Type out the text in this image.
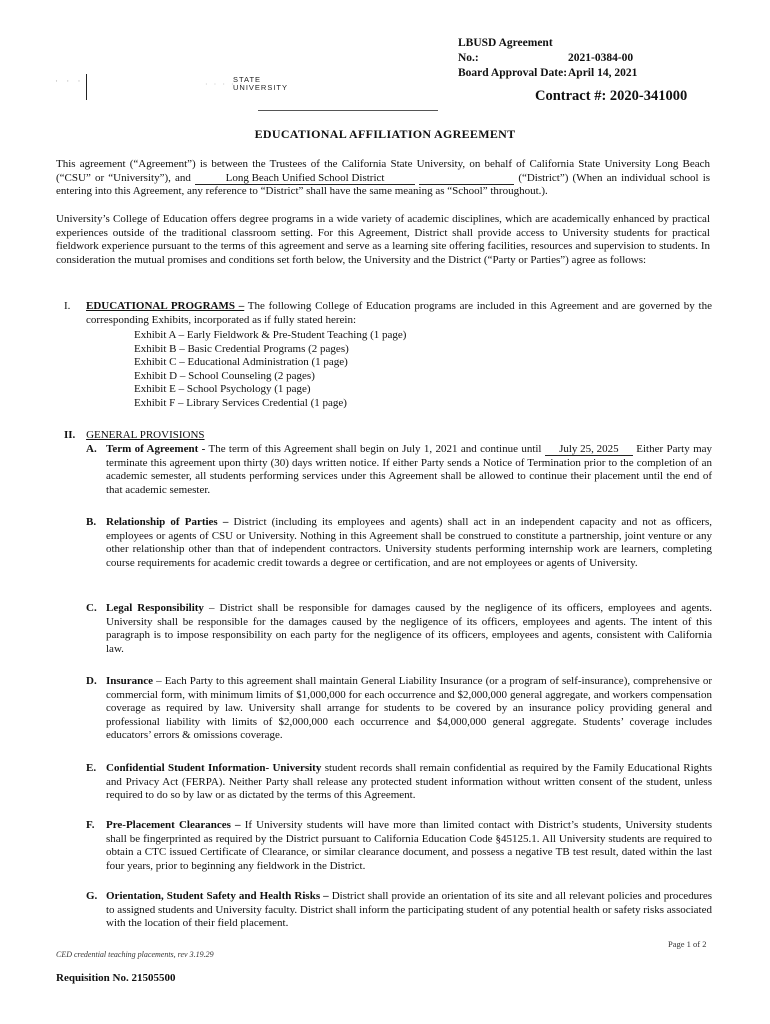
LBUSD Agreement No.:	2021-0384-00
Board Approval Date:April 14, 2021
· · ·	· · · · ·
STATE
UNIVERSITY
Contract #: 2020-341000
EDUCATIONAL AFFILIATION AGREEMENT
This agreement (“Agreement”) is between the Trustees of the California State University, on behalf of California State University Long Beach (“CSU” or “University”), and	Long Beach Unified School District	(“District”) (When an individual school is entering into this Agreement, any reference to “District” shall have the same meaning as “School” throughout.).
University’s College of Education offers degree programs in a wide variety of academic disciplines, which are academically enhanced by practical experiences outside of the traditional classroom setting. For this Agreement, District shall provide access to University students for practical fieldwork experience pursuant to the terms of this agreement and serve as a learning site offering facilities, resources and supervision to students. In consideration the mutual promises and conditions set forth below, the University and the District (“Party or Parties”) agree as follows:
I. EDUCATIONAL PROGRAMS – The following College of Education programs are included in this Agreement and are governed by the corresponding Exhibits, incorporated as if fully stated herein:
Exhibit A – Early Fieldwork & Pre-Student Teaching (1 page)
Exhibit B – Basic Credential Programs (2 pages)
Exhibit C – Educational Administration (1 page)
Exhibit D – School Counseling (2 pages)
Exhibit E – School Psychology (1 page)
Exhibit F – Library Services Credential (1 page)
II. GENERAL PROVISIONS
A. Term of Agreement - The term of this Agreement shall begin on July 1, 2021 and continue until July 25, 2025 Either Party may terminate this agreement upon thirty (30) days written notice. If either Party sends a Notice of Termination prior to the completion of an academic semester, all students performing services under this Agreement shall be allowed to continue their placement until the end of that academic semester.
B. Relationship of Parties – District (including its employees and agents) shall act in an independent capacity and not as officers, employees or agents of CSU or University. Nothing in this Agreement shall be construed to constitute a partnership, joint venture or any other relationship other than that of independent contractors. University students performing internship work are learners, completing course requirements for academic credit towards a degree or certification, and are not employees or agents of University.
C. Legal Responsibility – District shall be responsible for damages caused by the negligence of its officers, employees and agents. University shall be responsible for the damages caused by the negligence of its officers, employees and agents. The intent of this paragraph is to impose responsibility on each party for the negligence of its officers, employees and agents, consistent with California law.
D. Insurance – Each Party to this agreement shall maintain General Liability Insurance (or a program of self-insurance), comprehensive or commercial form, with minimum limits of $1,000,000 for each occurrence and $2,000,000 general aggregate, and workers compensation coverage as required by law. University shall arrange for students to be covered by an insurance policy providing general and professional liability with limits of $2,000,000 each occurrence and $4,000,000 general aggregate. Students’ coverage includes educators’ errors & omissions coverage.
E. Confidential Student Information- University student records shall remain confidential as required by the Family Educational Rights and Privacy Act (FERPA). Neither Party shall release any protected student information without written consent of the student, unless required to do so by law or as dictated by the terms of this Agreement.
F. Pre-Placement Clearances – If University students will have more than limited contact with District’s students, University students shall be fingerprinted as required by the District pursuant to California Education Code §45125.1. All University students are required to obtain a CTC issued Certificate of Clearance, or similar clearance document, and possess a negative TB test result, dated within the last four years, prior to beginning any fieldwork in the District.
G. Orientation, Student Safety and Health Risks – District shall provide an orientation of its site and all relevant policies and procedures to assigned students and University faculty. District shall inform the participating student of any potential health or safety risks associated with the location of their field placement.
Page 1 of 2
CED credential teaching placements, rev 3.19.29
Requisition No. 21505500
